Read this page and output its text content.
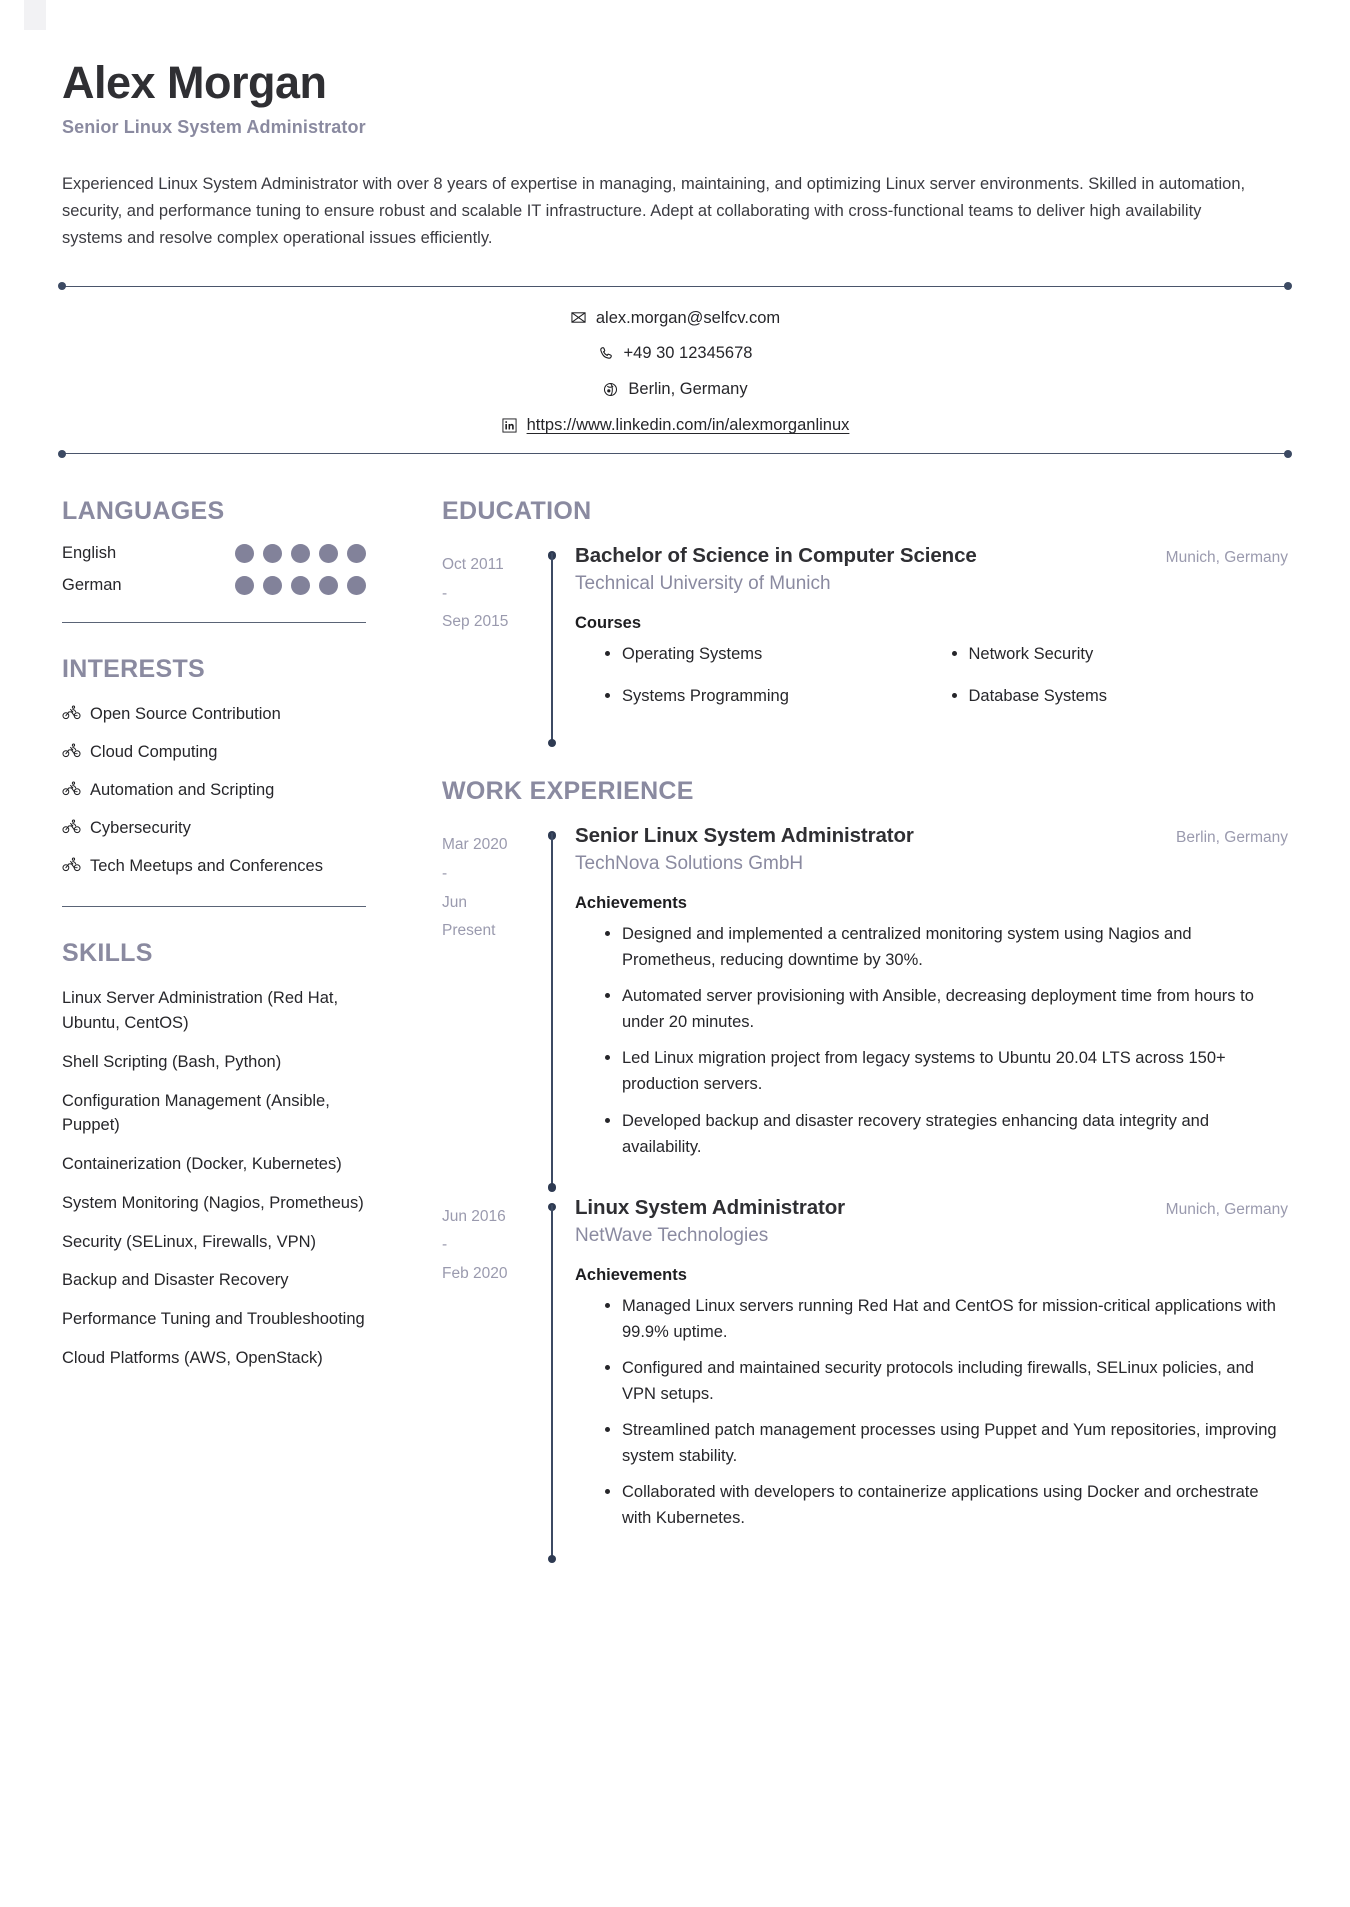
Alex Morgan
Senior Linux System Administrator
Experienced Linux System Administrator with over 8 years of expertise in managing, maintaining, and optimizing Linux server environments. Skilled in automation, security, and performance tuning to ensure robust and scalable IT infrastructure. Adept at collaborating with cross-functional teams to deliver high availability systems and resolve complex operational issues efficiently.
alex.morgan@selfcv.com
+49 30 12345678
Berlin, Germany
https://www.linkedin.com/in/alexmorganlinux
LANGUAGES
English
German
INTERESTS
Open Source Contribution
Cloud Computing
Automation and Scripting
Cybersecurity
Tech Meetups and Conferences
SKILLS
Linux Server Administration (Red Hat, Ubuntu, CentOS)
Shell Scripting (Bash, Python)
Configuration Management (Ansible, Puppet)
Containerization (Docker, Kubernetes)
System Monitoring (Nagios, Prometheus)
Security (SELinux, Firewalls, VPN)
Backup and Disaster Recovery
Performance Tuning and Troubleshooting
Cloud Platforms (AWS, OpenStack)
EDUCATION
Oct 2011
-
Sep 2015
Bachelor of Science in Computer Science	Munich, Germany
Technical University of Munich
Courses
Operating Systems	Network Security
Systems Programming	Database Systems
WORK EXPERIENCE
Mar 2020
-
Jun
Present
Senior Linux System Administrator	Berlin, Germany
TechNova Solutions GmbH
Achievements
Designed and implemented a centralized monitoring system using Nagios and Prometheus, reducing downtime by 30%.
Automated server provisioning with Ansible, decreasing deployment time from hours to under 20 minutes.
Led Linux migration project from legacy systems to Ubuntu 20.04 LTS across 150+ production servers.
Developed backup and disaster recovery strategies enhancing data integrity and availability.
Jun 2016
-
Feb 2020
Linux System Administrator	Munich, Germany
NetWave Technologies
Achievements
Managed Linux servers running Red Hat and CentOS for mission-critical applications with 99.9% uptime.
Configured and maintained security protocols including firewalls, SELinux policies, and VPN setups.
Streamlined patch management processes using Puppet and Yum repositories, improving system stability.
Collaborated with developers to containerize applications using Docker and orchestrate with Kubernetes.
